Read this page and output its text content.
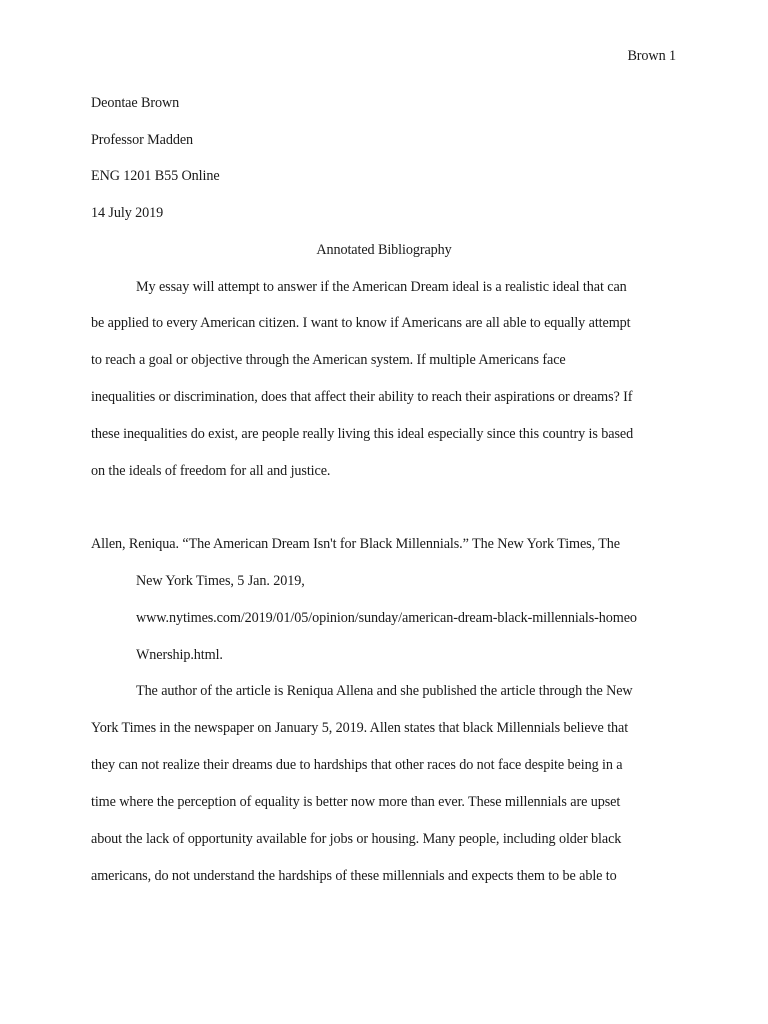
Brown 1
Deontae Brown
Professor Madden
ENG 1201 B55 Online
14 July 2019
Annotated Bibliography
My essay will attempt to answer if the American Dream ideal is a realistic ideal that can
be applied to every American citizen. I want to know if Americans are all able to equally attempt
to reach a goal or objective through the American system. If multiple Americans face
inequalities or discrimination, does that affect their ability to reach their aspirations or dreams? If
these inequalities do exist, are people really living this ideal especially since this country is based
on the ideals of freedom for all and justice.
Allen, Reniqua. “The American Dream Isn't for Black Millennials.” The New York Times, The
New York Times, 5 Jan. 2019,
www.nytimes.com/2019/01/05/opinion/sunday/american-dream-black-millennials-homeo
Wnership.html.
The author of the article is Reniqua Allena and she published the article through the New
York Times in the newspaper on January 5, 2019. Allen states that black Millennials believe that
they can not realize their dreams due to hardships that other races do not face despite being in a
time where the perception of equality is better now more than ever. These millennials are upset
about the lack of opportunity available for jobs or housing. Many people, including older black
americans, do not understand the hardships of these millennials and expects them to be able to
